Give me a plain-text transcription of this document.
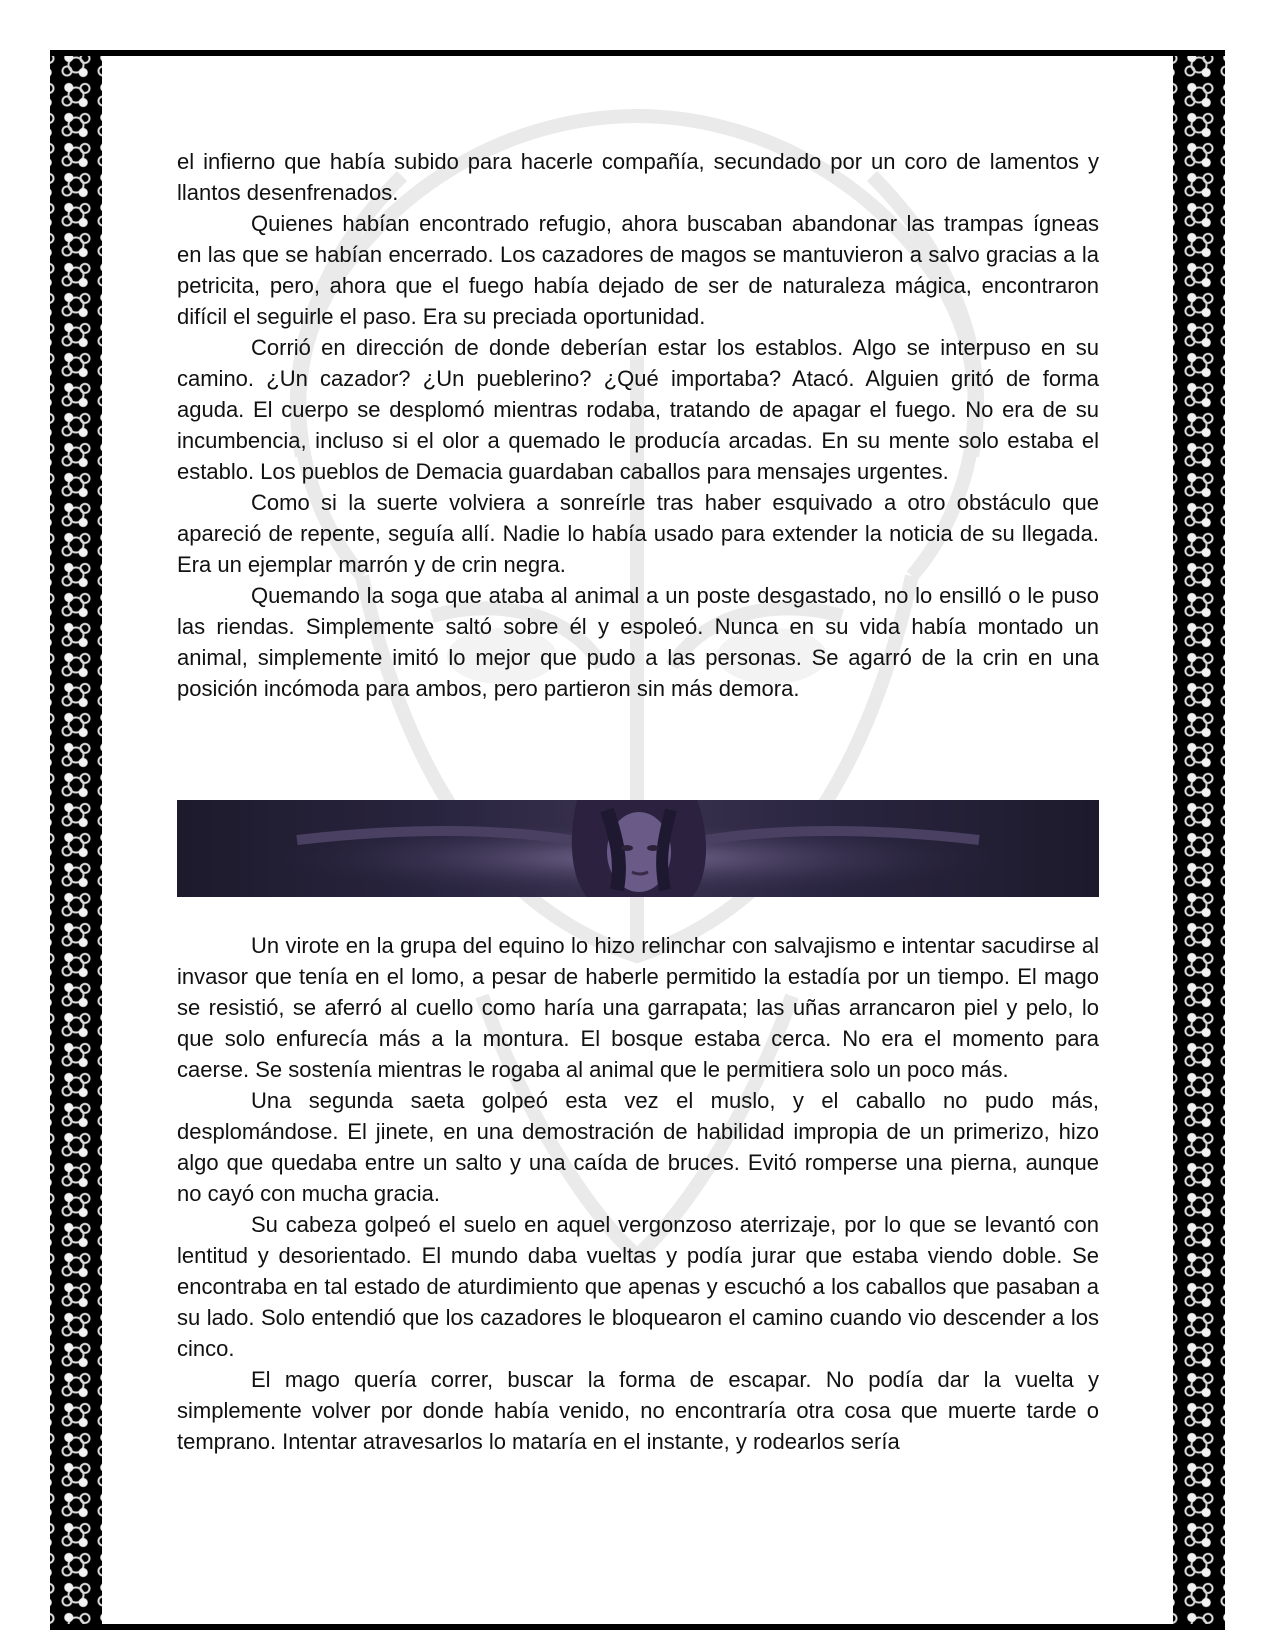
el infierno que había subido para hacerle compañía, secundado por un coro de lamentos y llantos desenfrenados.

Quienes habían encontrado refugio, ahora buscaban abandonar las trampas ígneas en las que se habían encerrado. Los cazadores de magos se mantuvieron a salvo gracias a la petricita, pero, ahora que el fuego había dejado de ser de naturaleza mágica, encontraron difícil el seguirle el paso. Era su preciada oportunidad.

Corrió en dirección de donde deberían estar los establos. Algo se interpuso en su camino. ¿Un cazador? ¿Un pueblerino? ¿Qué importaba? Atacó. Alguien gritó de forma aguda. El cuerpo se desplomó mientras rodaba, tratando de apagar el fuego. No era de su incumbencia, incluso si el olor a quemado le producía arcadas. En su mente solo estaba el establo. Los pueblos de Demacia guardaban caballos para mensajes urgentes.

Como si la suerte volviera a sonreírle tras haber esquivado a otro obstáculo que apareció de repente, seguía allí. Nadie lo había usado para extender la noticia de su llegada. Era un ejemplar marrón y de crin negra.

Quemando la soga que ataba al animal a un poste desgastado, no lo ensilló o le puso las riendas. Simplemente saltó sobre él y espoleó. Nunca en su vida había montado un animal, simplemente imitó lo mejor que pudo a las personas. Se agarró de la crin en una posición incómoda para ambos, pero partieron sin más demora.

Un virote en la grupa del equino lo hizo relinchar con salvajismo e intentar sacudirse al invasor que tenía en el lomo, a pesar de haberle permitido la estadía por un tiempo. El mago se resistió, se aferró al cuello como haría una garrapata; las uñas arrancaron piel y pelo, lo que solo enfurecía más a la montura. El bosque estaba cerca. No era el momento para caerse. Se sostenía mientras le rogaba al animal que le permitiera solo un poco más.

Una segunda saeta golpeó esta vez el muslo, y el caballo no pudo más, desplomándose. El jinete, en una demostración de habilidad impropia de un primerizo, hizo algo que quedaba entre un salto y una caída de bruces. Evitó romperse una pierna, aunque no cayó con mucha gracia.

Su cabeza golpeó el suelo en aquel vergonzoso aterrizaje, por lo que se levantó con lentitud y desorientado. El mundo daba vueltas y podía jurar que estaba viendo doble. Se encontraba en tal estado de aturdimiento que apenas y escuchó a los caballos que pasaban a su lado. Solo entendió que los cazadores le bloquearon el camino cuando vio descender a los cinco.

El mago quería correr, buscar la forma de escapar. No podía dar la vuelta y simplemente volver por donde había venido, no encontraría otra cosa que muerte tarde o temprano. Intentar atravesarlos lo mataría en el instante, y rodearlos sería
